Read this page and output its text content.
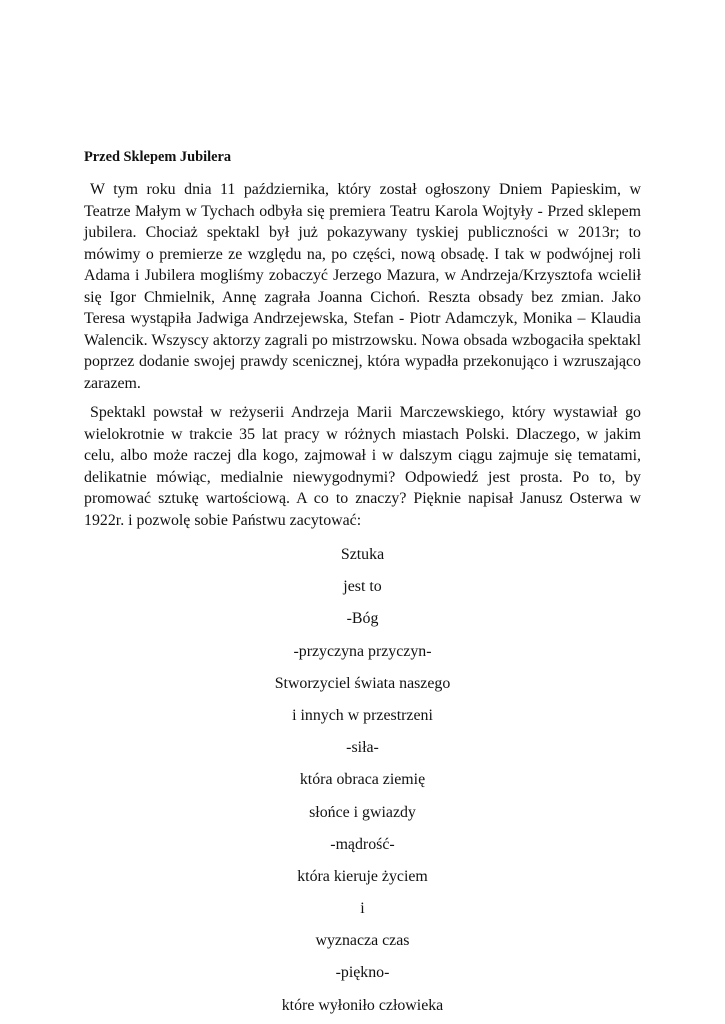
Przed Sklepem Jubilera

W tym roku dnia 11 października, który został ogłoszony Dniem Papieskim, w Teatrze Małym w Tychach odbyła się premiera Teatru Karola Wojtyły - Przed sklepem jubilera. Chociaż spektakl był już pokazywany tyskiej publiczności w 2013r; to mówimy o premierze ze względu na, po części, nową obsadę. I tak w podwójnej roli Adama i Jubilera mogliśmy zobaczyć Jerzego Mazura, w Andrzeja/Krzysztofa wcielił się Igor Chmielnik, Annę zagrała Joanna Cichoń. Reszta obsady bez zmian. Jako Teresa wystąpiła Jadwiga Andrzejewska, Stefan - Piotr Adamczyk, Monika – Klaudia Walencik. Wszyscy aktorzy zagrali po mistrzowsku. Nowa obsada wzbogaciła spektakl poprzez dodanie swojej prawdy scenicznej, która wypadła przekonująco i wzruszająco zarazem.

Spektakl powstał w reżyserii Andrzeja Marii Marczewskiego, który wystawiał go wielokrotnie w trakcie 35 lat pracy w różnych miastach Polski. Dlaczego, w jakim celu, albo może raczej dla kogo, zajmował i w dalszym ciągu zajmuje się tematami, delikatnie mówiąc, medialnie niewygodnymi? Odpowiedź jest prosta. Po to, by promować sztukę wartościową. A co to znaczy? Pięknie napisał Janusz Osterwa w 1922r. i pozwolę sobie Państwu zacytować:

Sztuka
jest to
-Bóg
-przyczyna przyczyn-
Stworzyciel świata naszego
i innych w przestrzeni
-siła-
która obraca ziemię
słońce i gwiazdy
-mądrość-
która kieruje życiem
i
wyznacza czas
-piękno-
które wyłoniło człowieka
